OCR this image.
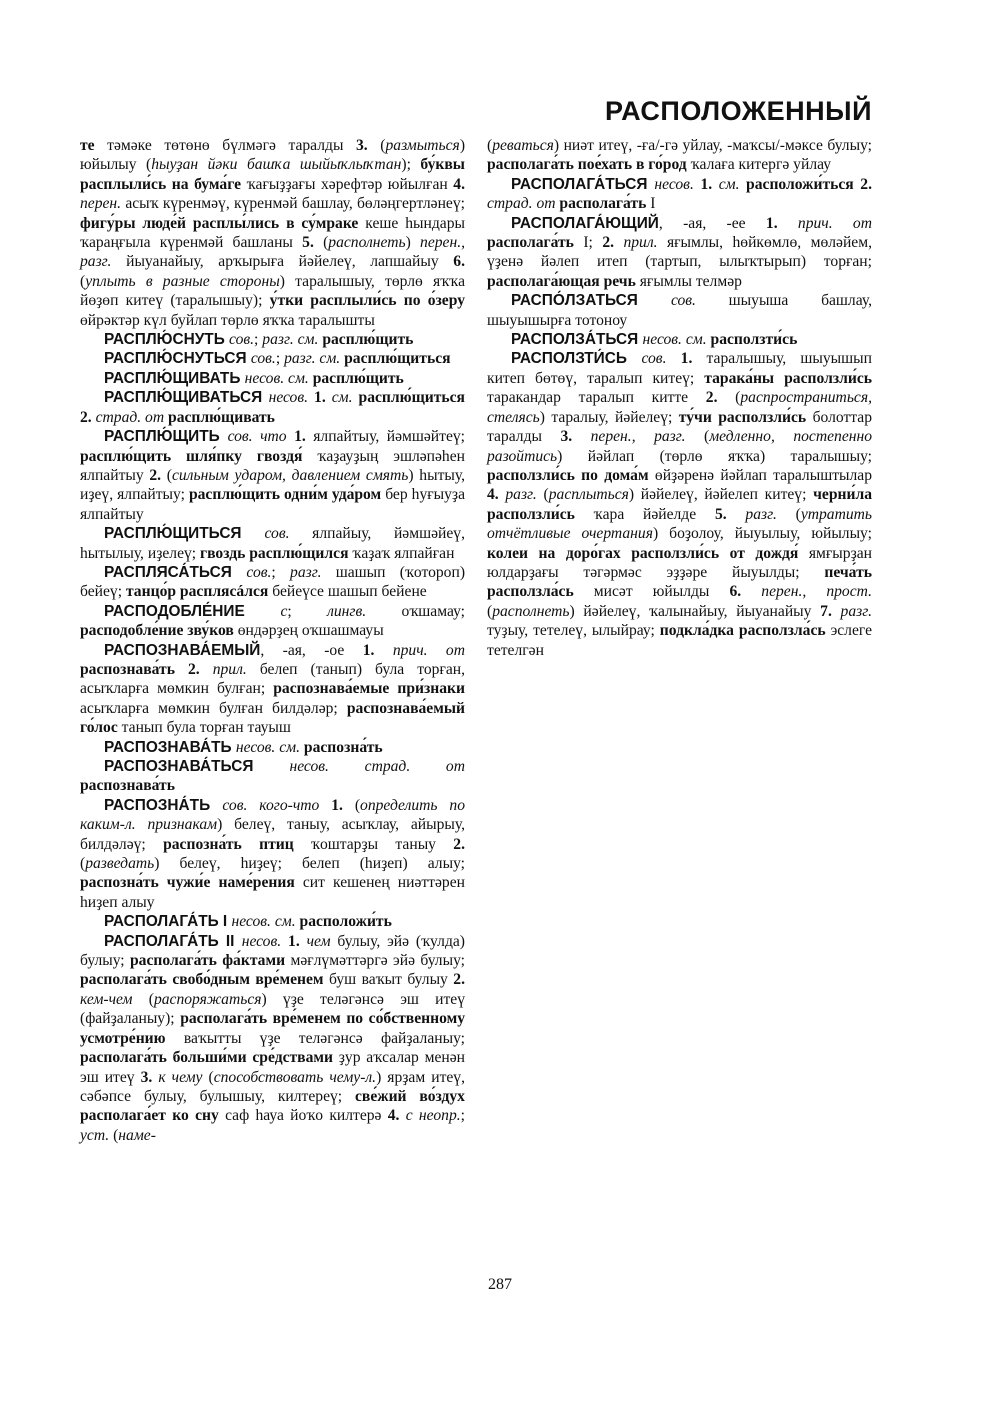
РАСПОЛОЖЕННЫЙ

те тәмәке төтөнө бүлмәгә таралды 3. (размыться) юйылыу (һыуҙан йәки башҡа шыйыҡлыҡтан); бу́квы расплыли́сь на бума́ге ҡағыҙҙағы хәрефтәр юйылған 4. перен. асыҡ күренмәү, күренмәй башлау, бөләңгертләнеү; фигу́ры люде́й расплы́лись в су́мраке кеше һындары ҡараңғыла күренмәй башланы 5. (располнеть) перен., разг. йыуанайыу, арҡырыға йәйелеү, лапшайыу 6. (уплыть в разные стороны) таралышыу, төрлө яҡҡа йөҙөп китеү (таралышыу); у́тки расплыли́сь по о́зеру өйрәктәр күл буйлап төрлө яҡҡа таралышты

РАСПЛЮ́СНУТЬ сов.; разг. см. расплю́щить

РАСПЛЮ́СНУТЬСЯ сов.; разг. см. расплю́щиться

РАСПЛЮ́ЩИВАТЬ несов. см. расплю́щить

РАСПЛЮ́ЩИВАТЬСЯ несов. 1. см. расплю́щиться 2. страд. от расплю́щивать

РАСПЛЮ́ЩИТЬ сов. что 1. ялпайтыу, йәмшәйтеү; расплю́щить шля́пку гвоздя́ ҡаҙауҙың эшләпәһен ялпайтыу 2. (сильным ударом, давлением смять) һытыу, иҙеү, ялпайтыу; расплю́щить одни́м уда́ром бер һуғыуҙа ялпайтыу

РАСПЛЮ́ЩИТЬСЯ сов. ялпайыу, йәмшәйеү, һытылыу, иҙелеү; гвоздь расплю́щился ҡаҙаҡ ялпайған

РАСПЛЯСА́ТЬСЯ сов.; разг. шашып (ҡотороп) бейеү; танцо́р расплясáлся бейеүсе шашып бейене

РАСПОДОБЛЕ́НИЕ с; лингв. оҡшамау; расподобле́ние зву́ков өндәрҙең оҡшашмауы

РАСПОЗНАВА́ЕМЫЙ, -ая, -ое 1. прич. от распознава́ть 2. прил. белеп (танып) була торған, асыҡларға мөмкин булған; распознава́емые при́знаки асыҡларға мөмкин булған билдәләр; распознава́емый го́лос танып була торған тауыш

РАСПОЗНАВА́ТЬ несов. см. распозна́ть

РАСПОЗНАВА́ТЬСЯ несов. страд. от распознава́ть

РАСПОЗНА́ТЬ сов. кого-что 1. (определить по каким-л. признакам) белеү, таныу, асыҡлау, айырыу, билдәләү; распозна́ть птиц ҡоштарҙы таныу 2. (разведать) белеү, һиҙеү; белеп (һиҙеп) алыу; распозна́ть чужи́е наме́рения сит кешенең ниәттәрен һиҙеп алыу

РАСПОЛАГА́ТЬ I несов. см. расположи́ть

РАСПОЛАГА́ТЬ II несов. 1. чем булыу, эйә (ҡулда) булыу; располага́ть фа́ктами мәғлүмәттәргә эйә булыу; располага́ть свобо́дным вре́менем буш ваҡыт булыу 2. кем-чем (распоряжаться) үҙе теләгәнсә эш итеү (файҙаланыу); располага́ть вре́менем по со́бственному усмотре́нию ваҡытты үҙе теләгәнсә файҙаланыу; располага́ть больши́ми сре́дствами ҙур аҡсалар менән эш итеү 3. к чему (способствовать чему-л.) ярҙам итеү, сәбәпсе булыу, булышыу, килтереү; све́жий во́здух располага́ет ко сну саф һауа йоҡо килтерә 4. с неопр.; уст. (наме-

(реваться) ниәт итеү, -ға/-гә уйлау, -маҡсы/-мәксе булыу; располага́ть пое́хать в го́род ҡалаға китергә уйлау

РАСПОЛАГА́ТЬСЯ несов. 1. см. расположи́ться 2. страд. от располага́ть I

РАСПОЛАГА́ЮЩИЙ, -ая, -ее 1. прич. от располага́ть I; 2. прил. яғымлы, һөйкөмлө, мөләйем, үҙенә йәлеп итеп (тартып, ылыҡтырып) торған; располага́ющая речь яғымлы телмәр

РАСПО́ЛЗАТЬСЯ сов. шыуыша башлау, шыуышырға тотоноу

РАСПОЛЗА́ТЬСЯ несов. см. расползти́сь

РАСПОЛЗТИ́СЬ сов. 1. таралышыу, шыуышып китеп бөтөү, таралып китеү; тарака́ны расползли́сь таракандар таралып китте 2. (распространиться, стелясь) таралыу, йәйелеү; ту́чи расползли́сь болоттар таралды 3. перен., разг. (медленно, постепенно разойтись) йәйлап (төрлө яҡҡа) таралышыу; расползли́сь по дома́м өйҙәренә йәйлап таралыштылар 4. разг. (расплыться) йәйелеү, йәйелеп китеү; черни́ла расползли́сь ҡара йәйелде 5. разг. (утратить отчётливые очертания) боҙолоу, йыуылыу, юйылыу; колеи на доро́гах расползли́сь от дождя́ ямғырҙан юлдарҙағы тәгәрмәс эҙҙәре йыуылды; печа́ть расползла́сь мисәт юйылды 6. перен., прост. (располнеть) йәйелеү, ҡалынайыу, йыуанайыу 7. разг. туҙыу, тетелеү, ылыйрау; подкла́дка расползла́сь эслеге тетелгән

287
